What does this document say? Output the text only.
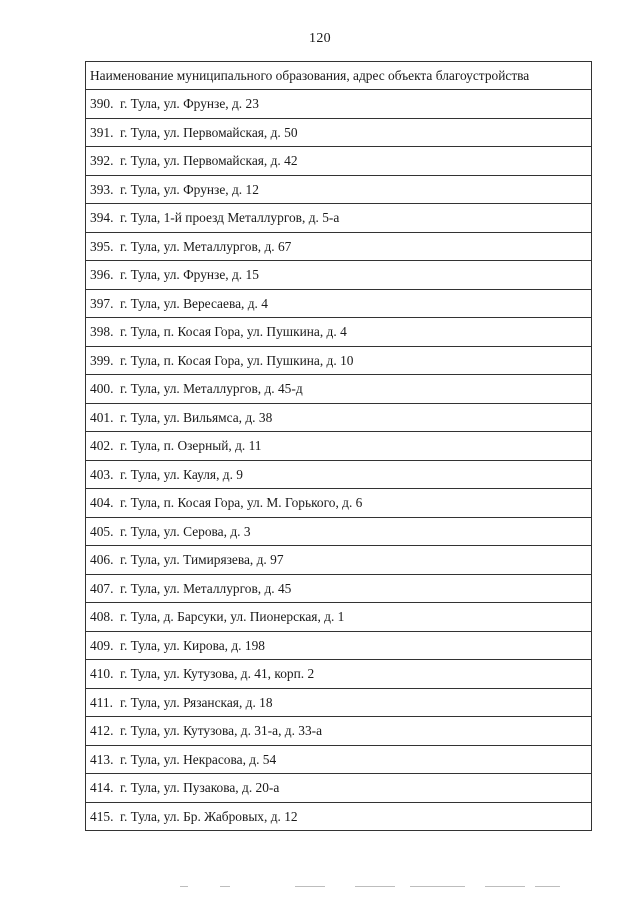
120
Наименование муниципального образования, адрес объекта благоустройства
390. г. Тула, ул. Фрунзе, д. 23
391. г. Тула, ул. Первомайская, д. 50
392. г. Тула, ул. Первомайская, д. 42
393. г. Тула, ул. Фрунзе, д. 12
394. г. Тула, 1-й проезд Металлургов, д. 5-а
395. г. Тула, ул. Металлургов, д. 67
396. г. Тула, ул. Фрунзе, д. 15
397. г. Тула, ул. Вересаева, д. 4
398. г. Тула, п. Косая Гора, ул. Пушкина, д. 4
399. г. Тула, п. Косая Гора, ул. Пушкина, д. 10
400. г. Тула, ул. Металлургов, д. 45-д
401. г. Тула, ул. Вильямса, д. 38
402. г. Тула, п. Озерный, д. 11
403. г. Тула, ул. Кауля, д. 9
404. г. Тула, п. Косая Гора, ул. М. Горького, д. 6
405. г. Тула, ул. Серова, д. 3
406. г. Тула, ул. Тимирязева, д. 97
407. г. Тула, ул. Металлургов, д. 45
408. г. Тула, д. Барсуки, ул. Пионерская, д. 1
409. г. Тула, ул. Кирова, д. 198
410. г. Тула, ул. Кутузова, д. 41, корп. 2
411. г. Тула, ул. Рязанская, д. 18
412. г. Тула, ул. Кутузова, д. 31-а, д. 33-а
413. г. Тула, ул. Некрасова, д. 54
414. г. Тула, ул. Пузакова, д. 20-а
415. г. Тула, ул. Бр. Жабровых, д. 12
